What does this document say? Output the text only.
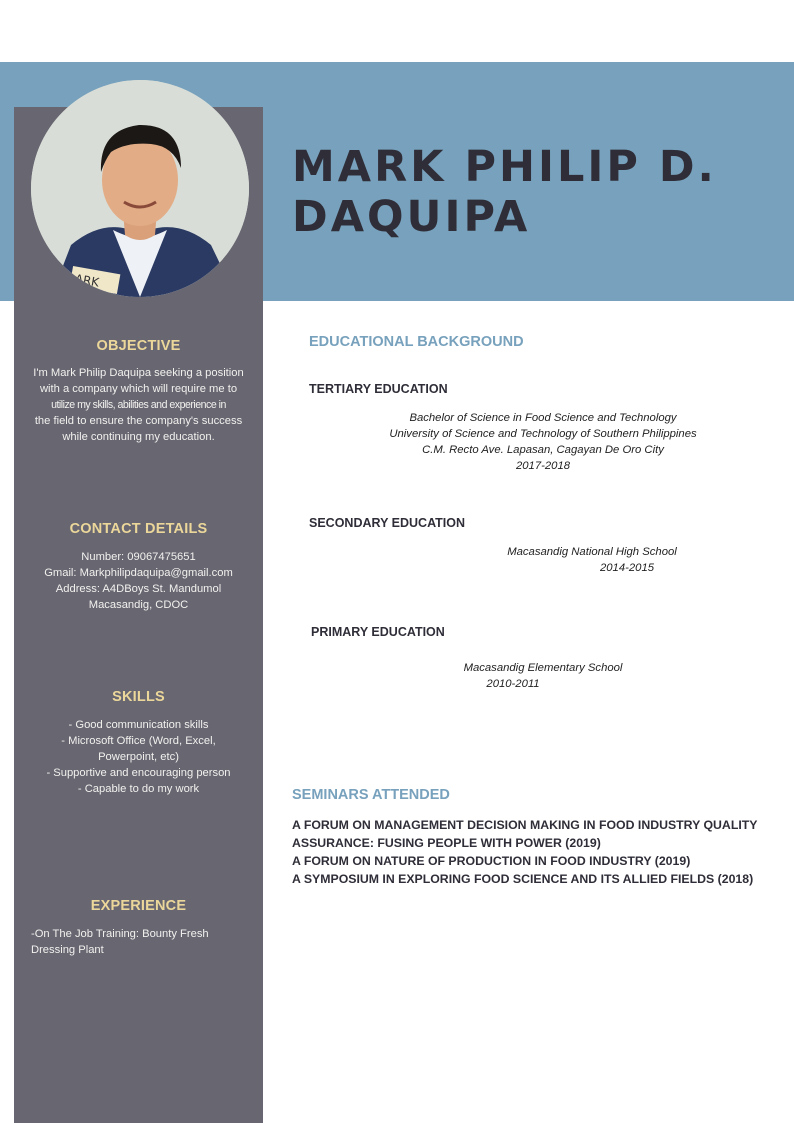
ARK
MARK PHILIP D.
DAQUIPA
OBJECTIVE
I'm Mark Philip Daquipa seeking a position
with a company which will require me to
utilize my skills, abilities and experience in
the field to ensure the company's success
while continuing my education.
CONTACT DETAILS
Number: 09067475651
Gmail: Markphilipdaquipa@gmail.com
Address: A4DBoys St. Mandumol
Macasandig, CDOC
SKILLS
- Good communication skills
- Microsoft Office (Word, Excel,
Powerpoint, etc)
- Supportive and encouraging person
- Capable to do my work
EXPERIENCE
-On The Job Training: Bounty Fresh
Dressing Plant
EDUCATIONAL BACKGROUND
TERTIARY EDUCATION
Bachelor of Science in Food Science and Technology
University of Science and Technology of Southern Philippines
C.M. Recto Ave. Lapasan, Cagayan De Oro City
2017-2018
SECONDARY EDUCATION
Macasandig National High School
2014-2015
PRIMARY EDUCATION
Macasandig Elementary School
2010-2011
SEMINARS ATTENDED
A FORUM ON MANAGEMENT DECISION MAKING IN FOOD INDUSTRY QUALITY
ASSURANCE: FUSING PEOPLE WITH POWER (2019)
A FORUM ON NATURE OF PRODUCTION IN FOOD INDUSTRY (2019)
A SYMPOSIUM IN EXPLORING FOOD SCIENCE AND ITS ALLIED FIELDS (2018)
